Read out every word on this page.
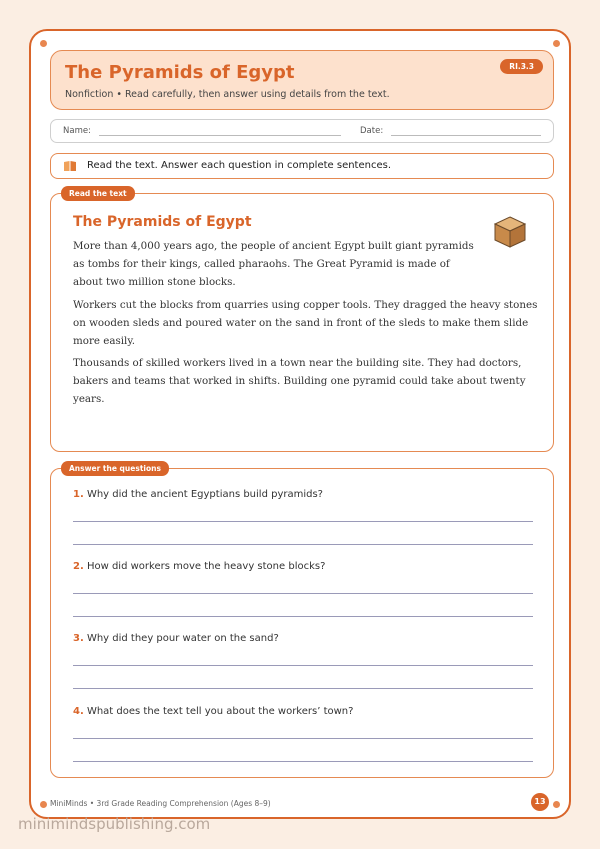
The Pyramids of Egypt
Nonfiction • Read carefully, then answer using details from the text.
RI.3.3
Name:	Date:
Read the text. Answer each question in complete sentences.
Read the text
The Pyramids of Egypt

More than 4,000 years ago, the people of ancient Egypt built giant pyramids as tombs for their kings, called pharaohs. The Great Pyramid is made of about two million stone blocks.

Workers cut the blocks from quarries using copper tools. They dragged the heavy stones on wooden sleds and poured water on the sand in front of the sleds to make them slide more easily.

Thousands of skilled workers lived in a town near the building site. They had doctors, bakers and teams that worked in shifts. Building one pyramid could take about twenty years.

Answer the questions
1. Why did the ancient Egyptians build pyramids?
2. How did workers move the heavy stone blocks?
3. Why did they pour water on the sand?
4. What does the text tell you about the workers’ town?
MiniMinds • 3rd Grade Reading Comprehension (Ages 8–9)	13
minimindspublishing.com
